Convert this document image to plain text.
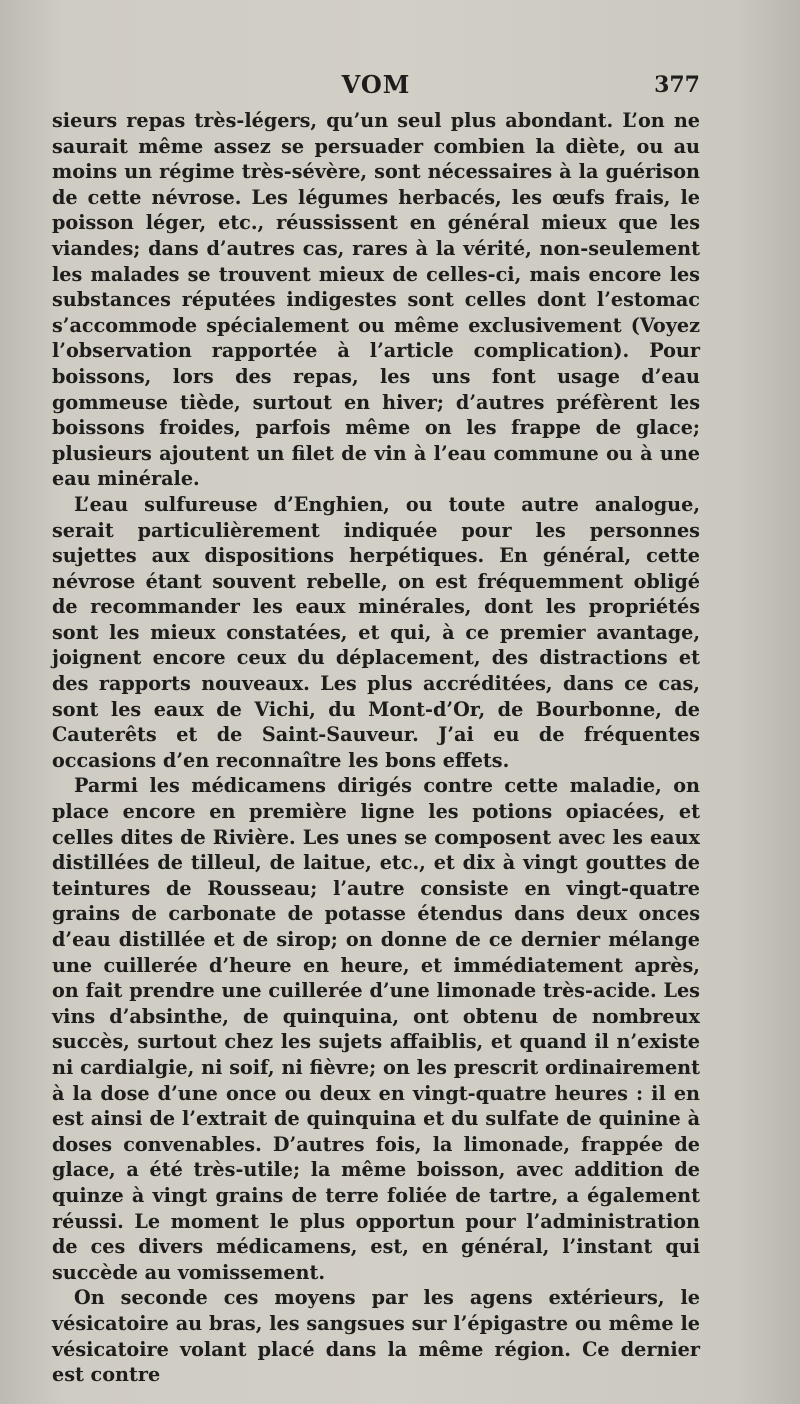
VOM	377

sieurs repas très-légers, qu’un seul plus abondant. L’on ne saurait même assez se persuader combien la diète, ou au moins un régime très-sévère, sont nécessaires à la guérison de cette névrose. Les légumes herbacés, les œufs frais, le poisson léger, etc., réussissent en général mieux que les viandes; dans d’autres cas, rares à la vérité, non-seulement les malades se trouvent mieux de celles-ci, mais encore les substances réputées indigestes sont celles dont l’estomac s’accommode spécialement ou même exclusivement (Voyez l’observation rapportée à l’article complication). Pour boissons, lors des repas, les uns font usage d’eau gommeuse tiède, surtout en hiver; d’autres préfèrent les boissons froides, parfois même on les frappe de glace; plusieurs ajoutent un filet de vin à l’eau commune ou à une eau minérale.

L’eau sulfureuse d’Enghien, ou toute autre analogue, serait particulièrement indiquée pour les personnes sujettes aux dispositions herpétiques. En général, cette névrose étant souvent rebelle, on est fréquemment obligé de recommander les eaux minérales, dont les propriétés sont les mieux constatées, et qui, à ce premier avantage, joignent encore ceux du déplacement, des distractions et des rapports nouveaux. Les plus accréditées, dans ce cas, sont les eaux de Vichi, du Mont-d’Or, de Bourbonne, de Cauterêts et de Saint-Sauveur. J’ai eu de fréquentes occasions d’en reconnaître les bons effets.

Parmi les médicamens dirigés contre cette maladie, on place encore en première ligne les potions opiacées, et celles dites de Rivière. Les unes se composent avec les eaux distillées de tilleul, de laitue, etc., et dix à vingt gouttes de teintures de Rousseau; l’autre consiste en vingt-quatre grains de carbonate de potasse étendus dans deux onces d’eau distillée et de sirop; on donne de ce dernier mélange une cuillerée d’heure en heure, et immédiatement après, on fait prendre une cuillerée d’une limonade très-acide. Les vins d’absinthe, de quinquina, ont obtenu de nombreux succès, surtout chez les sujets affaiblis, et quand il n’existe ni cardialgie, ni soif, ni fièvre; on les prescrit ordinairement à la dose d’une once ou deux en vingt-quatre heures : il en est ainsi de l’extrait de quinquina et du sulfate de quinine à doses convenables. D’autres fois, la limonade, frappée de glace, a été très-utile; la même boisson, avec addition de quinze à vingt grains de terre foliée de tartre, a également réussi. Le moment le plus opportun pour l’administration de ces divers médicamens, est, en général, l’instant qui succède au vomissement.

On seconde ces moyens par les agens extérieurs, le vésicatoire au bras, les sangsues sur l’épigastre ou même le vésicatoire volant placé dans la même région. Ce dernier est contre
